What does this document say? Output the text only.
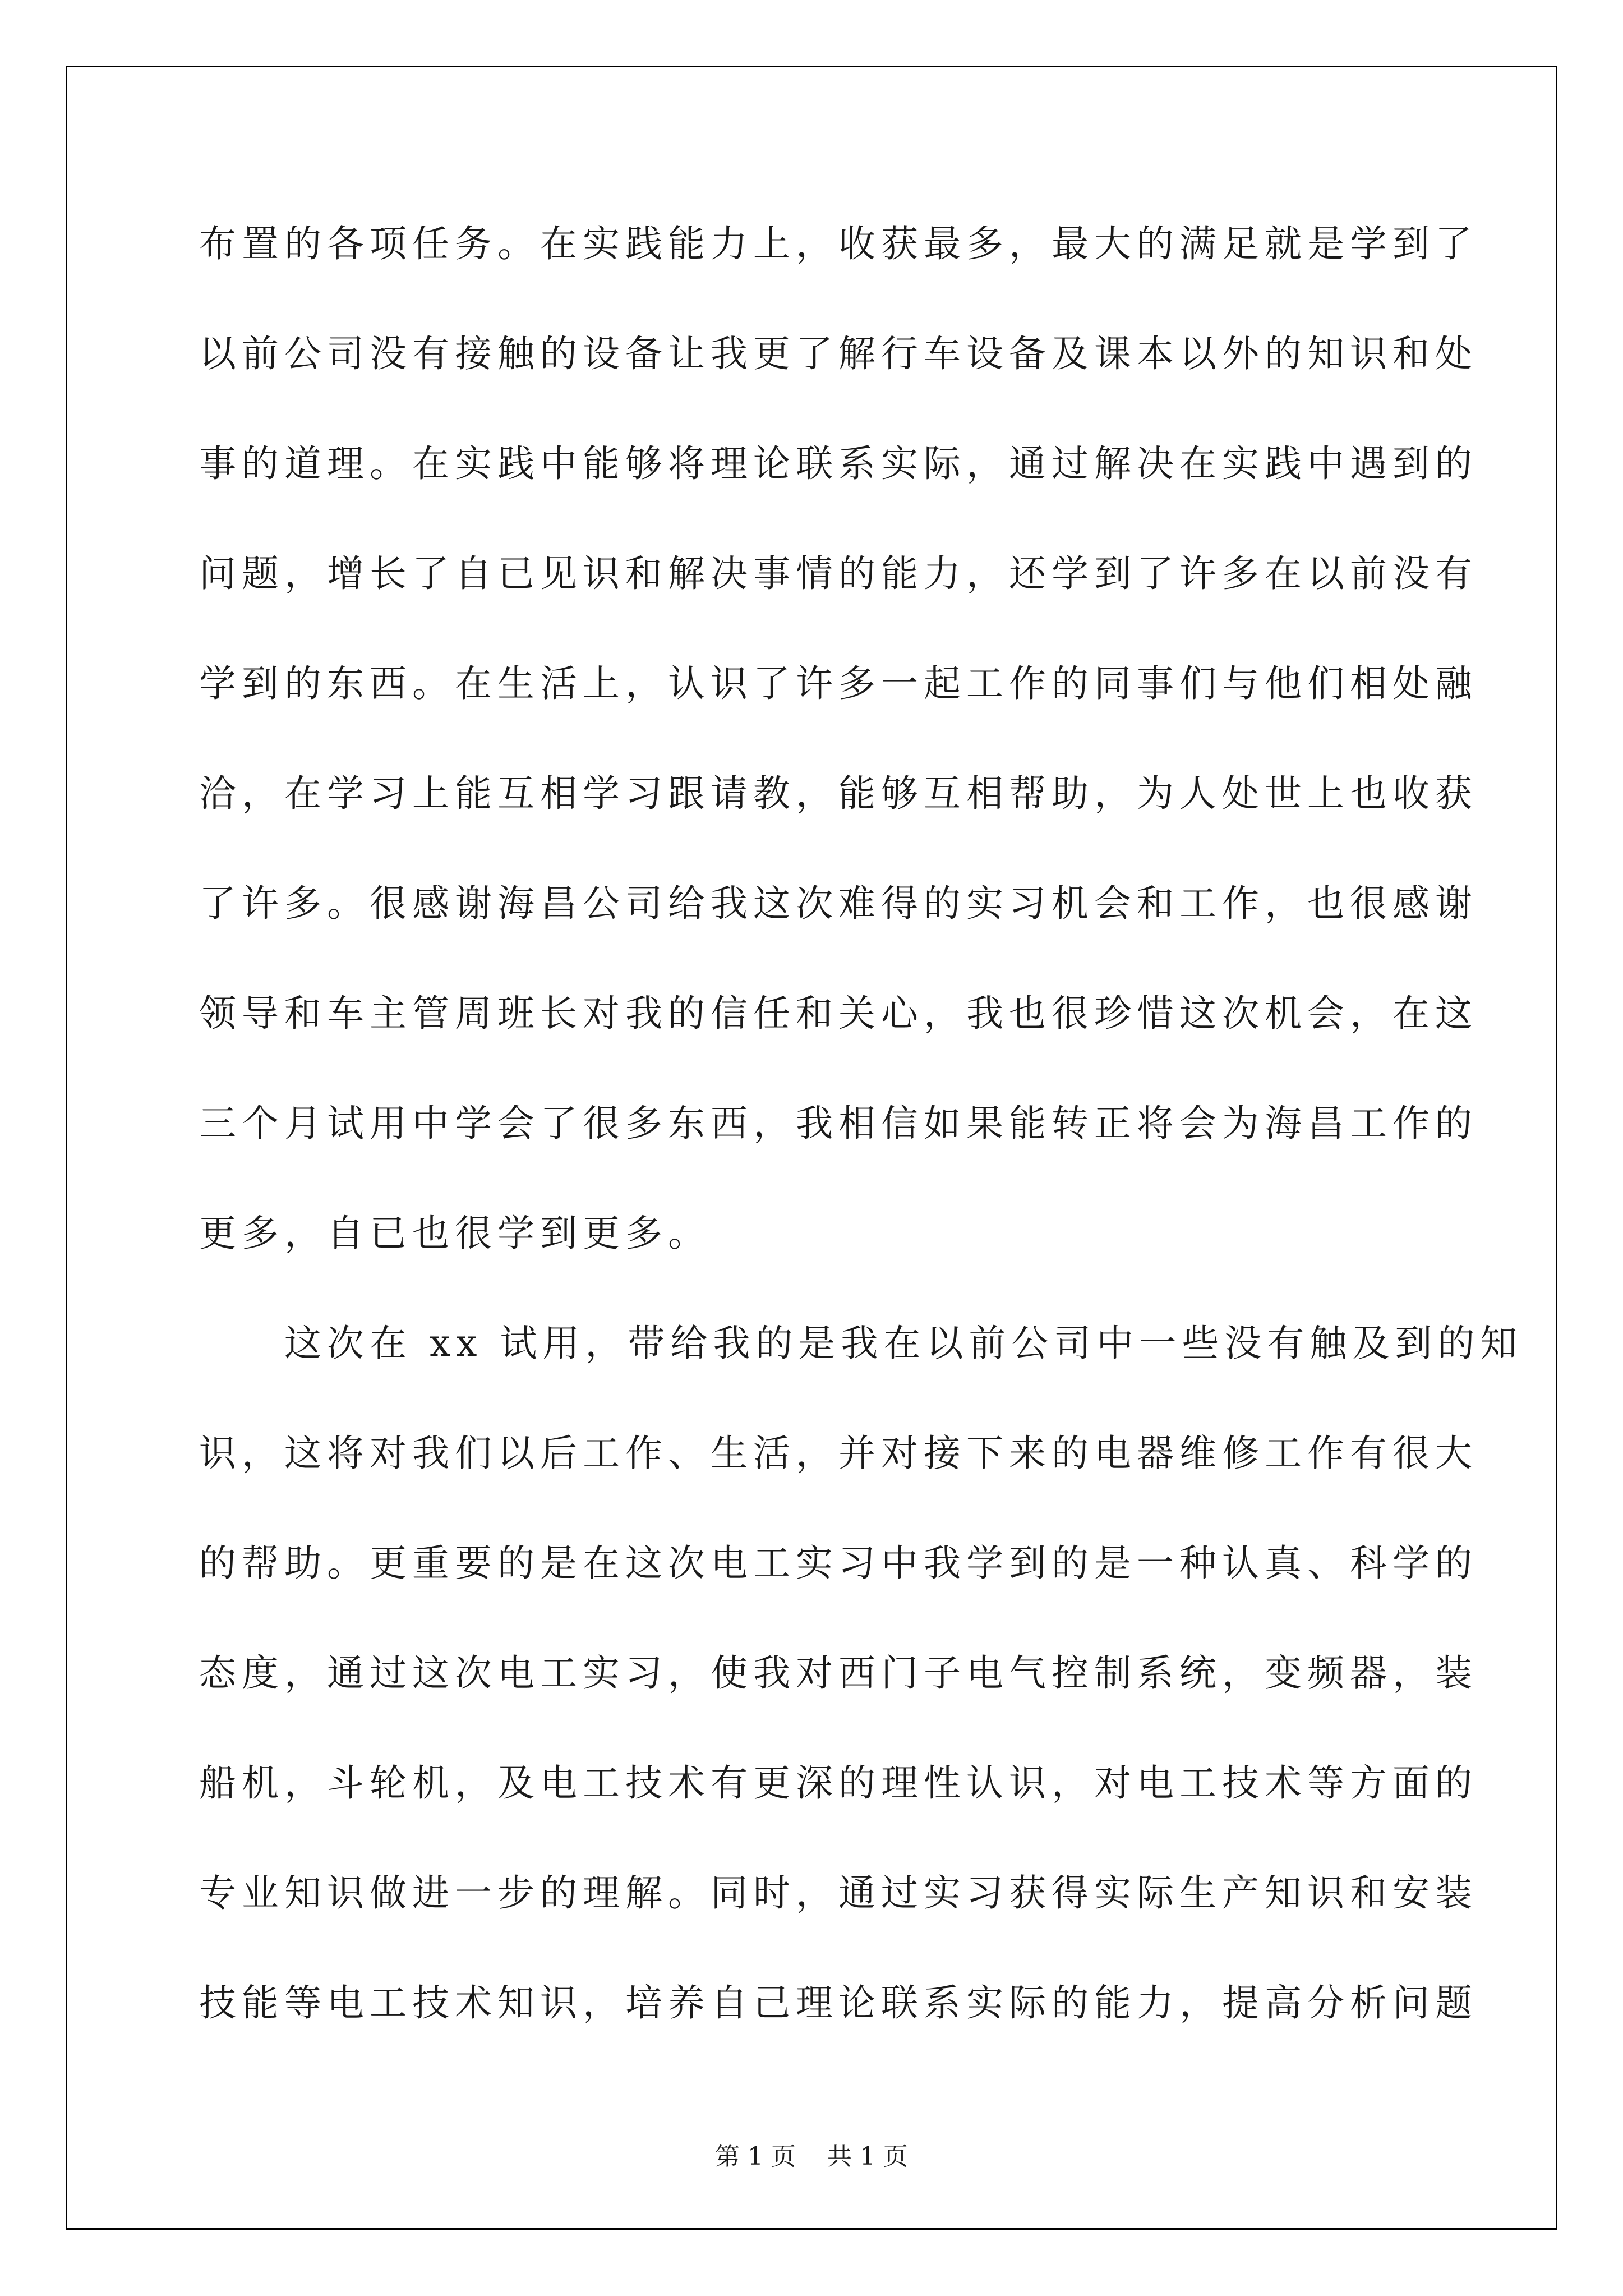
布置的各项任务。在实践能力上，收获最多，最大的满足就是学到了
以前公司没有接触的设备让我更了解行车设备及课本以外的知识和处
事的道理。在实践中能够将理论联系实际，通过解决在实践中遇到的
问题，增长了自已见识和解决事情的能力，还学到了许多在以前没有
学到的东西。在生活上，认识了许多一起工作的同事们与他们相处融
洽，在学习上能互相学习跟请教，能够互相帮助，为人处世上也收获
了许多。很感谢海昌公司给我这次难得的实习机会和工作，也很感谢
领导和车主管周班长对我的信任和关心，我也很珍惜这次机会，在这
三个月试用中学会了很多东西，我相信如果能转正将会为海昌工作的
更多，自已也很学到更多。
这次在 xx 试用，带给我的是我在以前公司中一些没有触及到的知
识，这将对我们以后工作、生活，并对接下来的电器维修工作有很大
的帮助。更重要的是在这次电工实习中我学到的是一种认真、科学的
态度，通过这次电工实习，使我对西门子电气控制系统，变频器，装
船机，斗轮机，及电工技术有更深的理性认识，对电工技术等方面的
专业知识做进一步的理解。同时，通过实习获得实际生产知识和安装
技能等电工技术知识，培养自己理论联系实际的能力，提高分析问题
第 1 页    共 1 页
